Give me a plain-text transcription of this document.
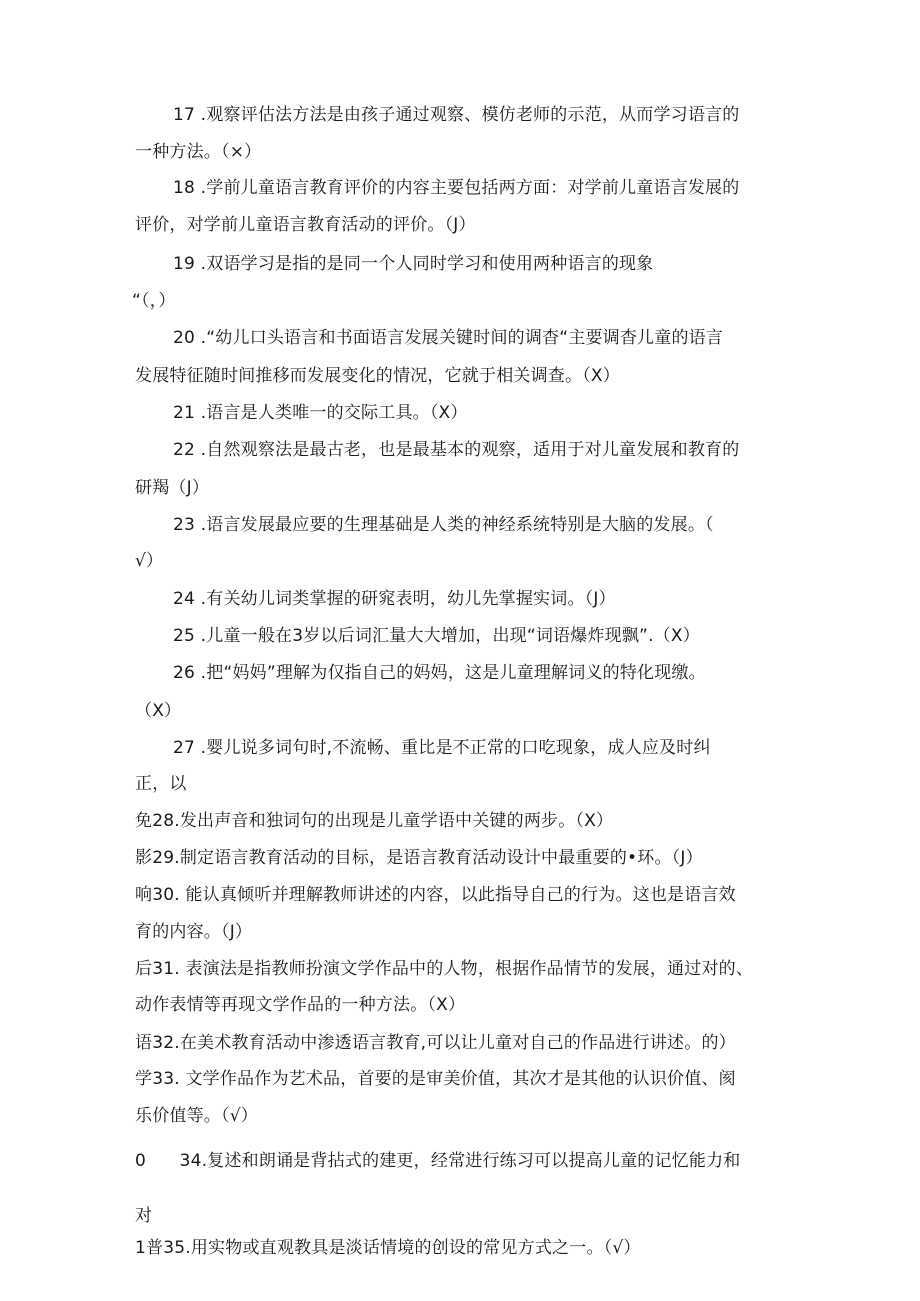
17 .观察评估法方法是由孩子通过观察、模仿老师的示范，从而学习语言的
一种方法。（×）
18 .学前儿童语言教育评价的内容主要包括两方面：对学前儿童语言发展的
评价，对学前儿童语言教育活动的评价。（J）
19 .双语学习是指的是同一个人同时学习和使用两种语言的现象
“（，）
20 .“幼儿口头语言和书面语言发展关键时间的调杳“主要调杳儿童的语言
发展特征随时间推移而发展变化的情况，它就于相关调查。（X）
21 .语言是人类唯一的交际工具。（X）
22 .自然观察法是最古老，也是最基本的观察，适用于对儿童发展和教育的
研羯（J）
23 .语言发展最应要的生理基础是人类的神经系统特别是大脑的发展。（
√）
24 .有关幼儿词类掌握的研窕表明，幼儿先掌握实词。（J）
25 .儿童一般在3岁以后词汇量大大增加，出现“词语爆炸现飘”.（X）
26 .把“妈妈”理解为仅指自己的妈妈，这是儿童理解词义的特化现缴。
（X）
27 .婴儿说多词句时,不流畅、重比是不正常的口吃现象，成人应及时纠
正，以
免28.发出声音和独词句的出现是儿童学语中关键的两步。（X）
影29.制定语言教育活动的目标，是语言教育活动设计中最重要的•环。（J）
响30. 能认真倾听并理解教师讲述的内容，以此指导自己的行为。这也是语言效
育的内容。（J）
后31. 表演法是指教师扮演文学作品中的人物，根据作品情节的发展，通过对的、
动作表情等再现文学作品的一种方法。（X）
语32.在美术教育活动中渗透语言教育,可以让儿童对自己的作品进行讲述。的）
学33. 文学作品作为艺术品，首要的是审美价值，其次才是其他的认识价值、阂
乐价值等。（√）
0      34.复述和朗诵是背拈式的建更，经常进行练习可以提高儿童的记忆能力和
对
1普35.用实物或直观教具是淡话情境的创设的常见方式之一。（√）
